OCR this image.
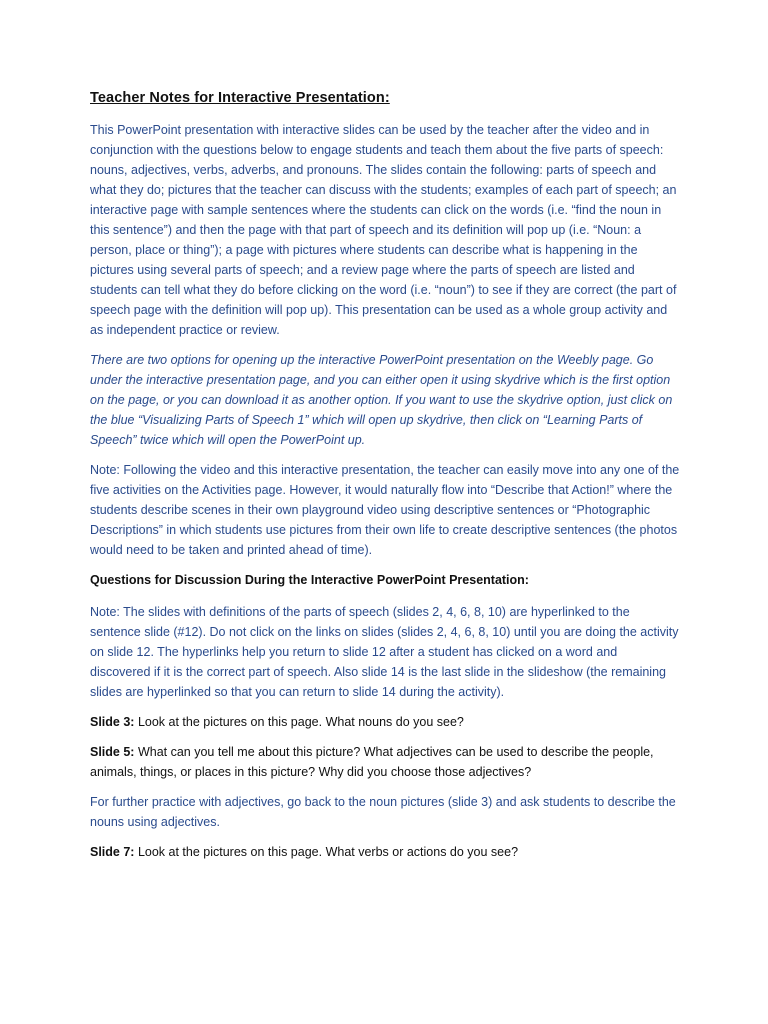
Teacher Notes for Interactive Presentation:

This PowerPoint presentation with interactive slides can be used by the teacher after the video and in conjunction with the questions below to engage students and teach them about the five parts of speech: nouns, adjectives, verbs, adverbs, and pronouns. The slides contain the following: parts of speech and what they do; pictures that the teacher can discuss with the students; examples of each part of speech; an interactive page with sample sentences where the students can click on the words (i.e. “find the noun in this sentence”) and then the page with that part of speech and its definition will pop up (i.e. “Noun: a person, place or thing”); a page with pictures where students can describe what is happening in the pictures using several parts of speech; and a review page where the parts of speech are listed and students can tell what they do before clicking on the word (i.e. “noun”) to see if they are correct (the part of speech page with the definition will pop up). This presentation can be used as a whole group activity and as independent practice or review.

There are two options for opening up the interactive PowerPoint presentation on the Weebly page. Go under the interactive presentation page, and you can either open it using skydrive which is the first option on the page, or you can download it as another option. If you want to use the skydrive option, just click on the blue “Visualizing Parts of Speech 1” which will open up skydrive, then click on “Learning Parts of Speech” twice which will open the PowerPoint up.

Note: Following the video and this interactive presentation, the teacher can easily move into any one of the five activities on the Activities page. However, it would naturally flow into “Describe that Action!” where the students describe scenes in their own playground video using descriptive sentences or “Photographic Descriptions” in which students use pictures from their own life to create descriptive sentences (the photos would need to be taken and printed ahead of time).

Questions for Discussion During the Interactive PowerPoint Presentation:

Note: The slides with definitions of the parts of speech (slides 2, 4, 6, 8, 10) are hyperlinked to the sentence slide (#12). Do not click on the links on slides (slides 2, 4, 6, 8, 10) until you are doing the activity on slide 12. The hyperlinks help you return to slide 12 after a student has clicked on a word and discovered if it is the correct part of speech. Also slide 14 is the last slide in the slideshow (the remaining slides are hyperlinked so that you can return to slide 14 during the activity).

Slide 3: Look at the pictures on this page. What nouns do you see?

Slide 5: What can you tell me about this picture? What adjectives can be used to describe the people, animals, things, or places in this picture? Why did you choose those adjectives?

For further practice with adjectives, go back to the noun pictures (slide 3) and ask students to describe the nouns using adjectives.

Slide 7: Look at the pictures on this page. What verbs or actions do you see?
